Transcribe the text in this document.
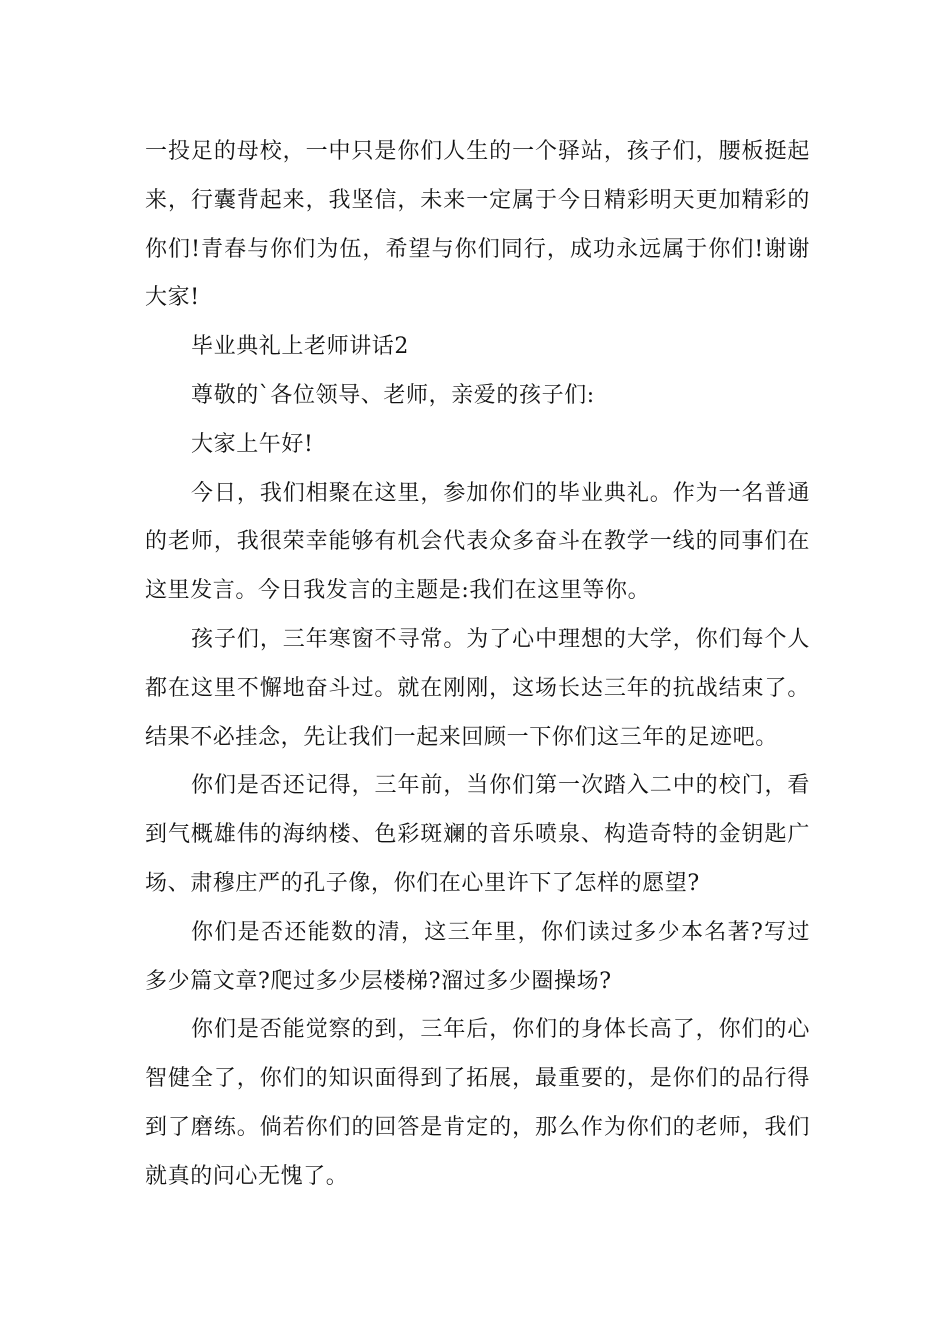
一投足的母校，一中只是你们人生的一个驿站，孩子们，腰板挺起来，行囊背起来，我坚信，未来一定属于今日精彩明天更加精彩的你们!青春与你们为伍，希望与你们同行，成功永远属于你们!谢谢大家!

毕业典礼上老师讲话2

尊敬的`各位领导、老师，亲爱的孩子们:

大家上午好!

今日，我们相聚在这里，参加你们的毕业典礼。作为一名普通的老师，我很荣幸能够有机会代表众多奋斗在教学一线的同事们在这里发言。今日我发言的主题是:我们在这里等你。

孩子们，三年寒窗不寻常。为了心中理想的大学，你们每个人都在这里不懈地奋斗过。就在刚刚，这场长达三年的抗战结束了。结果不必挂念，先让我们一起来回顾一下你们这三年的足迹吧。

你们是否还记得，三年前，当你们第一次踏入二中的校门，看到气概雄伟的海纳楼、色彩斑斓的音乐喷泉、构造奇特的金钥匙广场、肃穆庄严的孔子像，你们在心里许下了怎样的愿望?

你们是否还能数的清，这三年里，你们读过多少本名著?写过多少篇文章?爬过多少层楼梯?溜过多少圈操场?

你们是否能觉察的到，三年后，你们的身体长高了，你们的心智健全了，你们的知识面得到了拓展，最重要的，是你们的品行得到了磨练。倘若你们的回答是肯定的，那么作为你们的老师，我们就真的问心无愧了。
